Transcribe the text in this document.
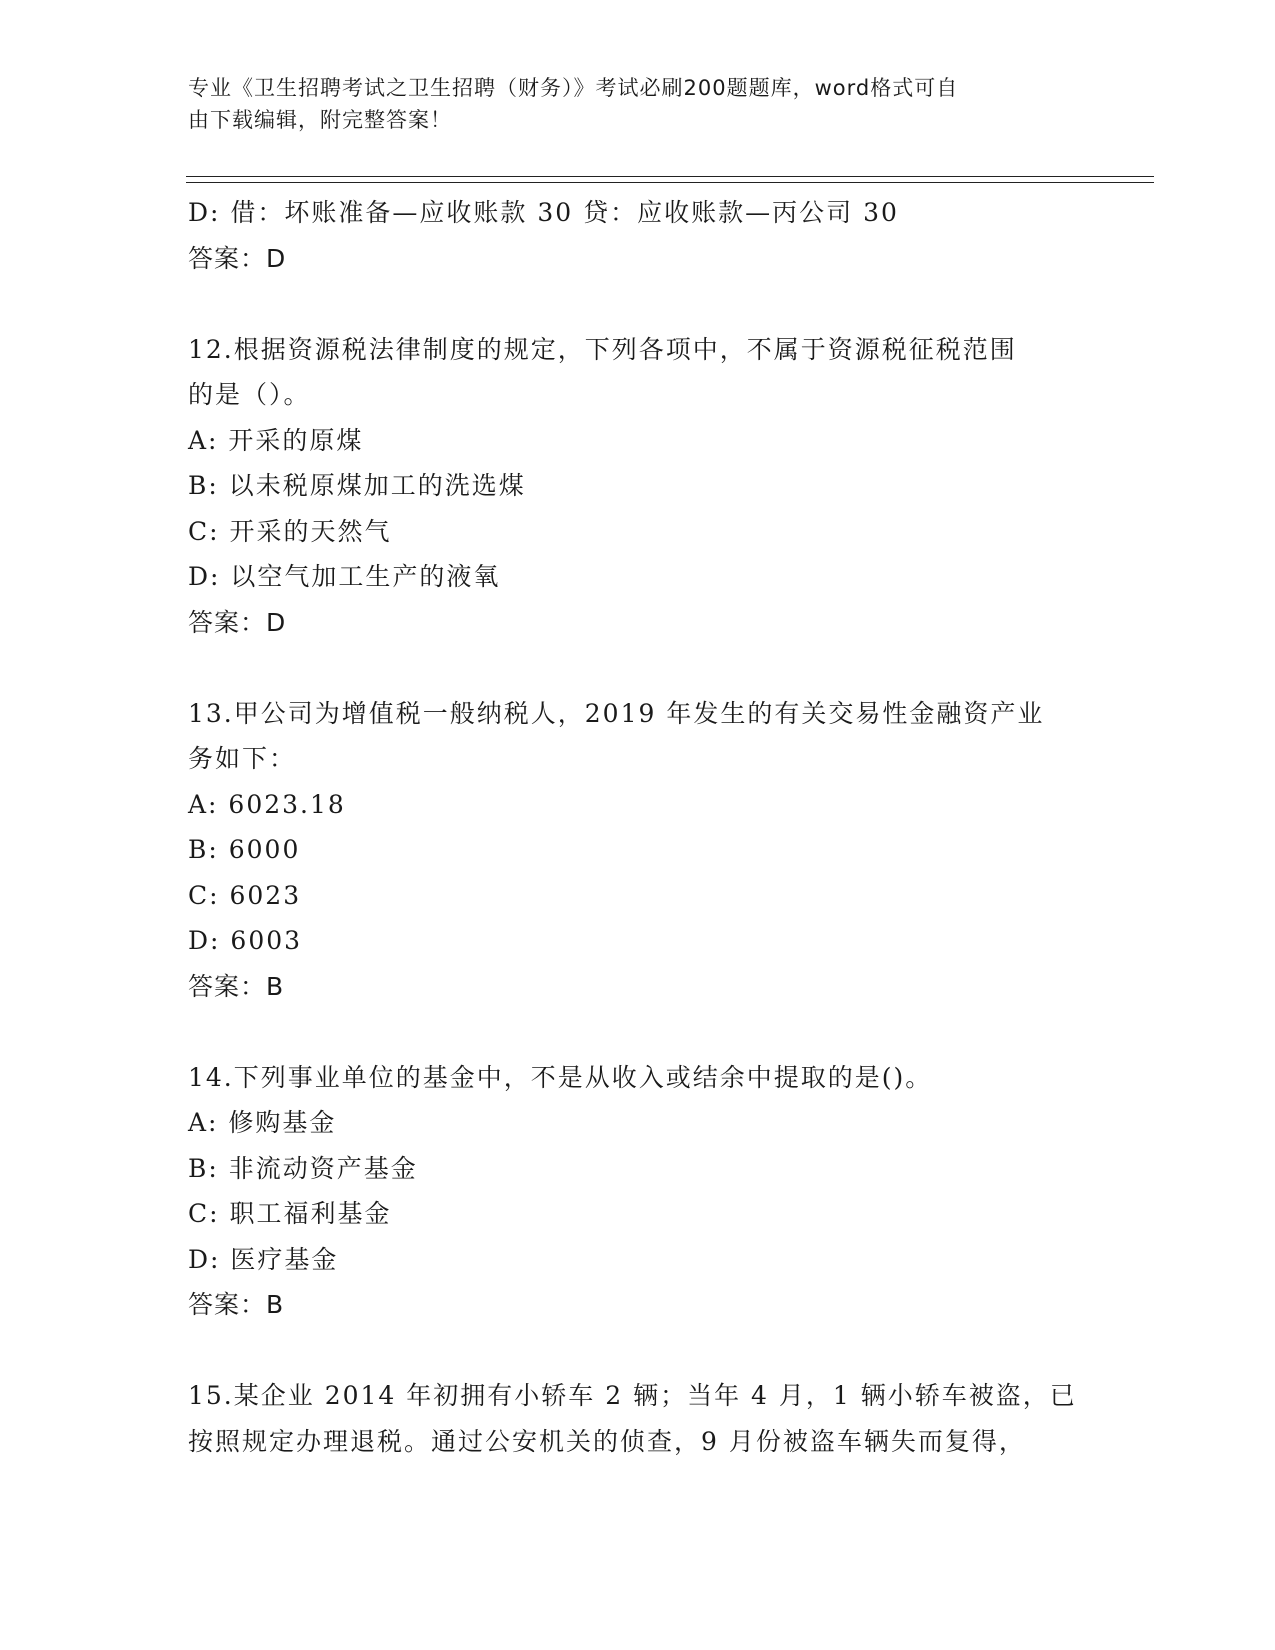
专业《卫生招聘考试之卫生招聘（财务）》考试必刷200题题库，word格式可自
由下载编辑，附完整答案！
D: 借：坏账准备—应收账款 30 贷：应收账款—丙公司 30
答案：D
12.根据资源税法律制度的规定，下列各项中，不属于资源税征税范围
的是（）。
A: 开采的原煤
B: 以未税原煤加工的洗选煤
C: 开采的天然气
D: 以空气加工生产的液氧
答案：D
13.甲公司为增值税一般纳税人，2019 年发生的有关交易性金融资产业
务如下：
A: 6023.18
B: 6000
C: 6023
D: 6003
答案：B
14.下列事业单位的基金中，不是从收入或结余中提取的是()。
A: 修购基金
B: 非流动资产基金
C: 职工福利基金
D: 医疗基金
答案：B
15.某企业 2014 年初拥有小轿车 2 辆；当年 4 月，1 辆小轿车被盗，已
按照规定办理退税。通过公安机关的侦查，9 月份被盗车辆失而复得，
